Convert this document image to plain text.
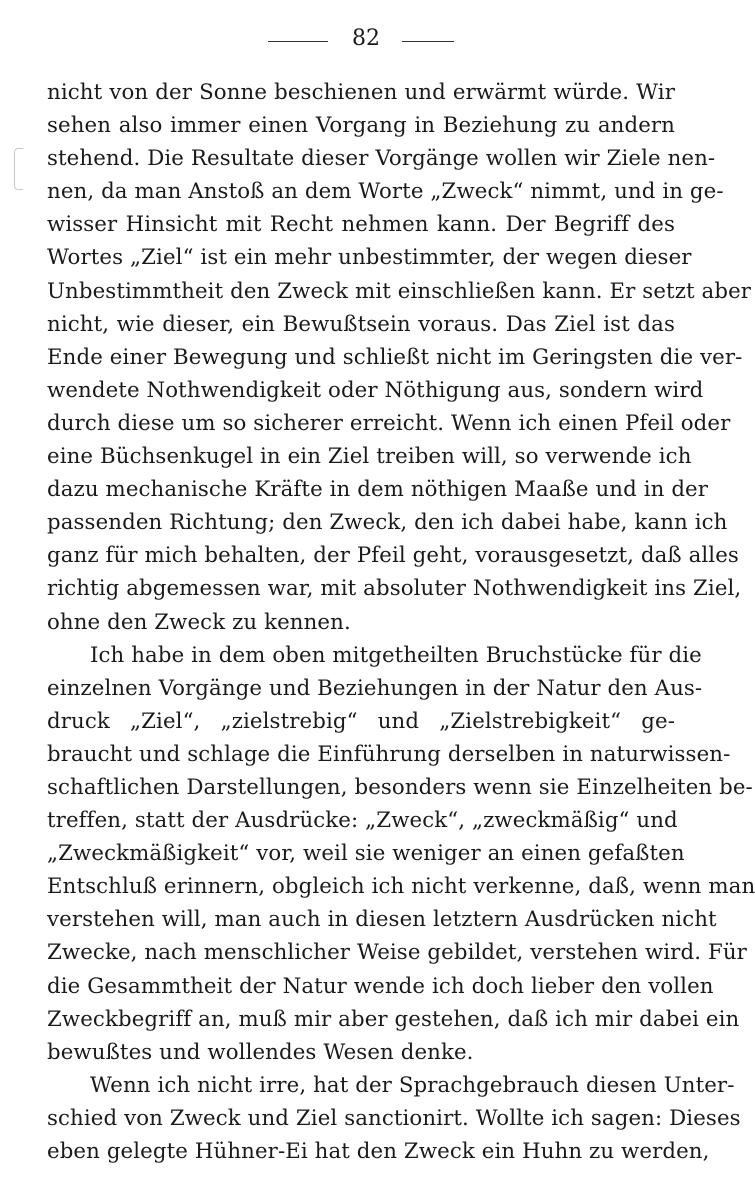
82
nicht von der Sonne beschienen und erwärmt würde. Wir
sehen also immer einen Vorgang in Beziehung zu andern
stehend. Die Resultate dieser Vorgänge wollen wir Ziele nen-
nen, da man Anstoß an dem Worte „Zweck“ nimmt, und in ge-
wisser Hinsicht mit Recht nehmen kann. Der Begriff des
Wortes „Ziel“ ist ein mehr unbestimmter, der wegen dieser
Unbestimmtheit den Zweck mit einschließen kann. Er setzt aber
nicht, wie dieser, ein Bewußtsein voraus. Das Ziel ist das
Ende einer Bewegung und schließt nicht im Geringsten die ver-
wendete Nothwendigkeit oder Nöthigung aus, sondern wird
durch diese um so sicherer erreicht. Wenn ich einen Pfeil oder
eine Büchsenkugel in ein Ziel treiben will, so verwende ich
dazu mechanische Kräfte in dem nöthigen Maaße und in der
passenden Richtung; den Zweck, den ich dabei habe, kann ich
ganz für mich behalten, der Pfeil geht, vorausgesetzt, daß alles
richtig abgemessen war, mit absoluter Nothwendigkeit ins Ziel,
ohne den Zweck zu kennen.
Ich habe in dem oben mitgetheilten Bruchstücke für die
einzelnen Vorgänge und Beziehungen in der Natur den Aus-
druck „Ziel“, „zielstrebig“ und „Zielstrebigkeit“ ge-
braucht und schlage die Einführung derselben in naturwissen-
schaftlichen Darstellungen, besonders wenn sie Einzelheiten be-
treffen, statt der Ausdrücke: „Zweck“, „zweckmäßig“ und
„Zweckmäßigkeit“ vor, weil sie weniger an einen gefaßten
Entschluß erinnern, obgleich ich nicht verkenne, daß, wenn man
verstehen will, man auch in diesen letztern Ausdrücken nicht
Zwecke, nach menschlicher Weise gebildet, verstehen wird. Für
die Gesammtheit der Natur wende ich doch lieber den vollen
Zweckbegriff an, muß mir aber gestehen, daß ich mir dabei ein
bewußtes und wollendes Wesen denke.
Wenn ich nicht irre, hat der Sprachgebrauch diesen Unter-
schied von Zweck und Ziel sanctionirt. Wollte ich sagen: Dieses
eben gelegte Hühner-Ei hat den Zweck ein Huhn zu werden,
